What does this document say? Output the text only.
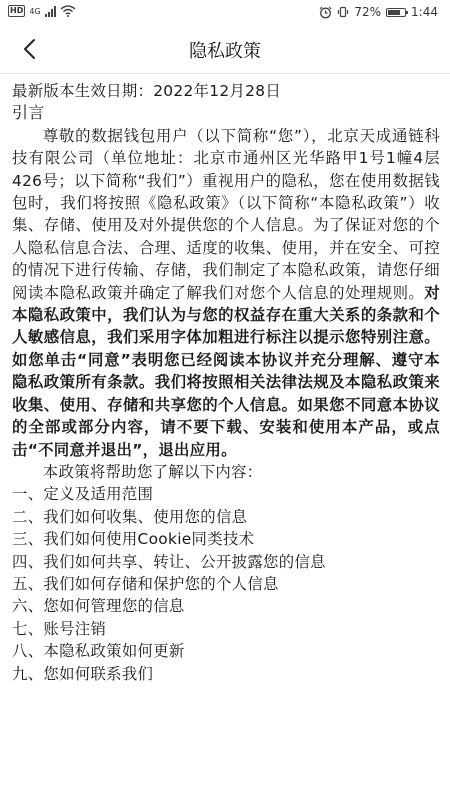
HD 4G	72%	1:44
隐私政策

最新版本生效日期：2022年12月28日

引言

尊敬的数据钱包用户（以下简称“您”），北京天成通链科技有限公司（单位地址：北京市通州区光华路甲1号1幢4层426号；以下简称“我们”）重视用户的隐私，您在使用数据钱包时，我们将按照《隐私政策》（以下简称“本隐私政策”）收集、存储、使用及对外提供您的个人信息。为了保证对您的个人隐私信息合法、合理、适度的收集、使用，并在安全、可控的情况下进行传输、存储，我们制定了本隐私政策，请您仔细阅读本隐私政策并确定了解我们对您个人信息的处理规则。对本隐私政策中，我们认为与您的权益存在重大关系的条款和个人敏感信息，我们采用字体加粗进行标注以提示您特别注意。如您单击“同意”表明您已经阅读本协议并充分理解、遵守本隐私政策所有条款。我们将按照相关法律法规及本隐私政策来收集、使用、存储和共享您的个人信息。如果您不同意本协议的全部或部分内容，请不要下载、安装和使用本产品，或点击“不同意并退出”，退出应用。

本政策将帮助您了解以下内容：

一、定义及适用范围

二、我们如何收集、使用您的信息

三、我们如何使用Cookie同类技术

四、我们如何共享、转让、公开披露您的信息

五、我们如何存储和保护您的个人信息

六、您如何管理您的信息

七、账号注销

八、本隐私政策如何更新

九、您如何联系我们
